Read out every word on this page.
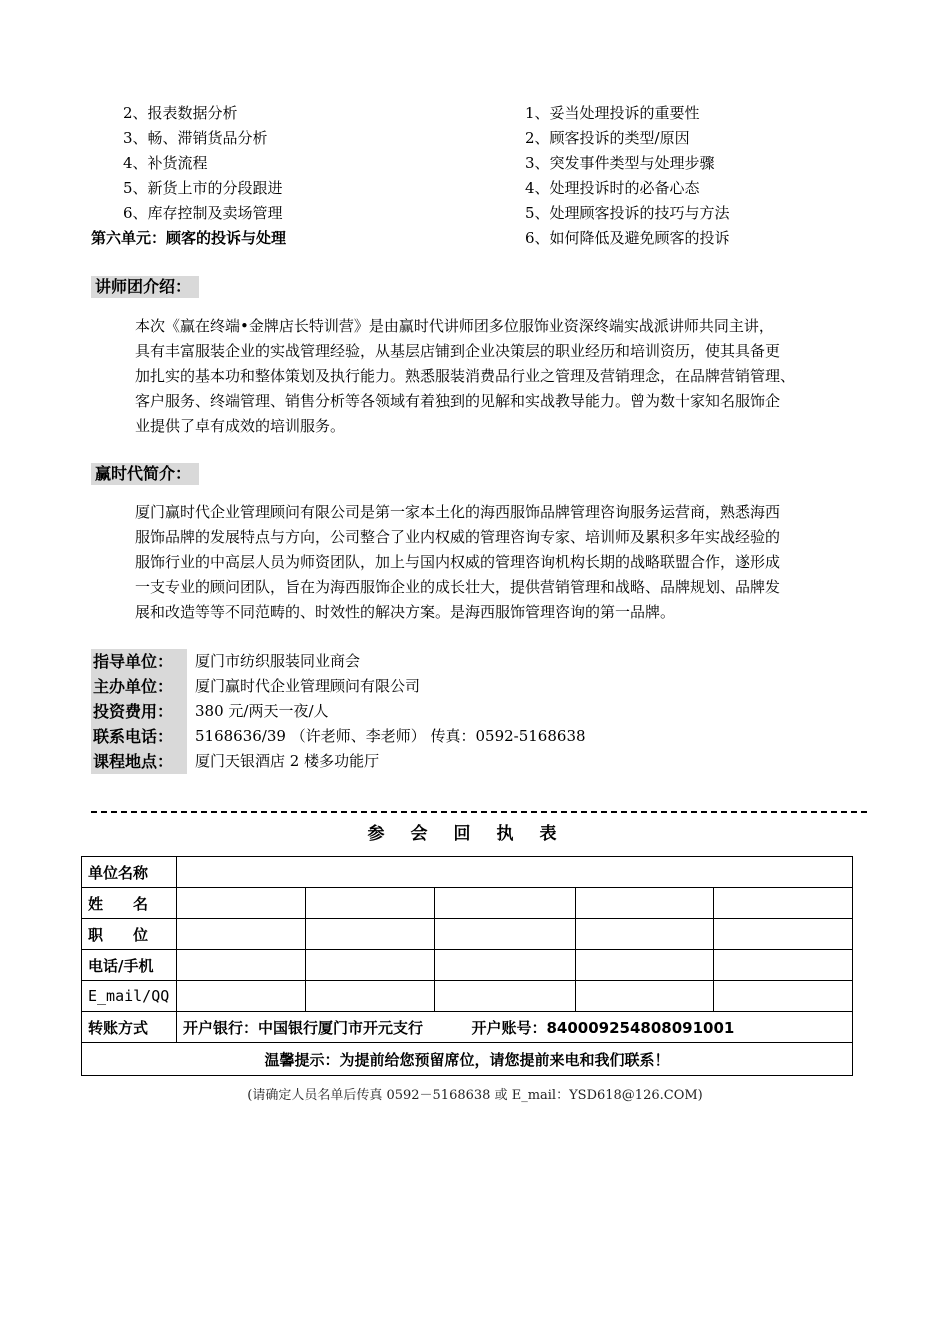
2、报表数据分析
3、畅、滞销货品分析
4、补货流程
5、新货上市的分段跟进
6、库存控制及卖场管理
第六单元：顾客的投诉与处理
1、妥当处理投诉的重要性
2、顾客投诉的类型/原因
3、突发事件类型与处理步骤
4、处理投诉时的必备心态
5、处理顾客投诉的技巧与方法
6、如何降低及避免顾客的投诉
讲师团介绍：
本次《赢在终端•金牌店长特训营》是由赢时代讲师团多位服饰业资深终端实战派讲师共同主讲，
具有丰富服装企业的实战管理经验，从基层店铺到企业决策层的职业经历和培训资历，使其具备更
加扎实的基本功和整体策划及执行能力。熟悉服装消费品行业之管理及营销理念，在品牌营销管理、
客户服务、终端管理、销售分析等各领域有着独到的见解和实战教导能力。曾为数十家知名服饰企
业提供了卓有成效的培训服务。
赢时代简介：
厦门赢时代企业管理顾问有限公司是第一家本土化的海西服饰品牌管理咨询服务运营商，熟悉海西
服饰品牌的发展特点与方向，公司整合了业内权威的管理咨询专家、培训师及累积多年实战经验的
服饰行业的中高层人员为师资团队，加上与国内权威的管理咨询机构长期的战略联盟合作，遂形成
一支专业的顾问团队，旨在为海西服饰企业的成长壮大，提供营销管理和战略、品牌规划、品牌发
展和改造等等不同范畴的、时效性的解决方案。是海西服饰管理咨询的第一品牌。
指导单位： 厦门市纺织服装同业商会
主办单位： 厦门赢时代企业管理顾问有限公司
投资费用： 380 元/两天一夜/人
联系电话： 5168636/39 （许老师、李老师） 传真：0592-5168638
课程地点： 厦门天银酒店 2 楼多功能厅
参会回执表
单位名称					
姓　　名					
职　　位					
电话/手机					
E_mail/QQ					
转账方式	开户银行：中国银行厦门市开元支行 开户账号：840009254808091001				
温馨提示：为提前给您预留席位，请您提前来电和我们联系！					
(请确定人员名单后传真 0592－5168638 或 E_mail：YSD618@126.COM)
